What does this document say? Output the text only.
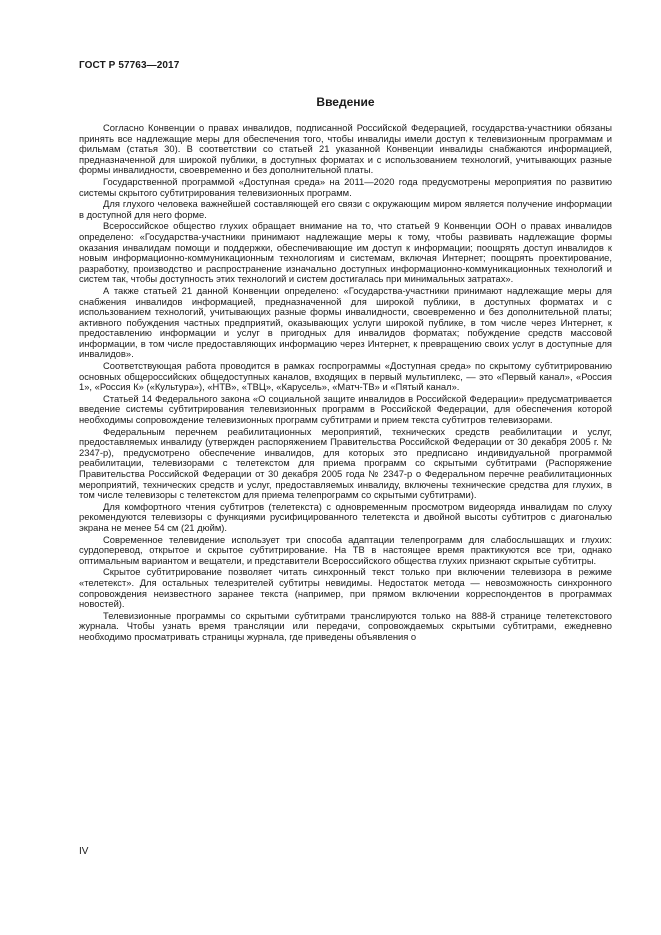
ГОСТ Р 57763—2017
Введение

Согласно Конвенции о правах инвалидов, подписанной Российской Федерацией, государства-участники обязаны принять все надлежащие меры для обеспечения того, чтобы инвалиды имели доступ к телевизионным программам и фильмам (статья 30). В соответствии со статьей 21 указанной Конвенции инвалиды снабжаются информацией, предназначенной для широкой публики, в доступных форматах и с использованием технологий, учитывающих разные формы инвалидности, своевременно и без дополнительной платы.

Государственной программой «Доступная среда» на 2011—2020 года предусмотрены мероприятия по развитию системы скрытого субтитрирования телевизионных программ.

Для глухого человека важнейшей составляющей его связи с окружающим миром является получение информации в доступной для него форме.

Всероссийское общество глухих обращает внимание на то, что статьей 9 Конвенции ООН о правах инвалидов определено: «Государства-участники принимают надлежащие меры к тому, чтобы развивать надлежащие формы оказания инвалидам помощи и поддержки, обеспечивающие им доступ к информации; поощрять доступ инвалидов к новым информационно-коммуникационным технологиям и системам, включая Интернет; поощрять проектирование, разработку, производство и распространение изначально доступных информационно-коммуникационных технологий и систем так, чтобы доступность этих технологий и систем достигалась при минимальных затратах».

А также статьей 21 данной Конвенции определено: «Государства-участники принимают надлежащие меры для снабжения инвалидов информацией, предназначенной для широкой публики, в доступных форматах и с использованием технологий, учитывающих разные формы инвалидности, своевременно и без дополнительной платы; активного побуждения частных предприятий, оказывающих услуги широкой публике, в том числе через Интернет, к предоставлению информации и услуг в пригодных для инвалидов форматах; побуждение средств массовой информации, в том числе предоставляющих информацию через Интернет, к превращению своих услуг в доступные для инвалидов».

Соответствующая работа проводится в рамках госпрограммы «Доступная среда» по скрытому субтитрированию основных общероссийских общедоступных каналов, входящих в первый мультиплекс, — это «Первый канал», «Россия 1», «Россия К» («Культура»), «НТВ», «ТВЦ», «Карусель», «Матч-ТВ» и «Пятый канал».

Статьей 14 Федерального закона «О социальной защите инвалидов в Российской Федерации» предусматривается введение системы субтитрирования телевизионных программ в Российской Федерации, для обеспечения которой необходимы сопровождение телевизионных программ субтитрами и прием текста субтитров телевизорами.

Федеральным перечнем реабилитационных мероприятий, технических средств реабилитации и услуг, предоставляемых инвалиду (утвержден распоряжением Правительства Российской Федерации от 30 декабря 2005 г. № 2347-р), предусмотрено обеспечение инвалидов, для которых это предписано индивидуальной программой реабилитации, телевизорами с телетекстом для приема программ со скрытыми субтитрами (Распоряжение Правительства Российской Федерации от 30 декабря 2005 года № 2347-р о Федеральном перечне реабилитационных мероприятий, технических средств и услуг, предоставляемых инвалиду, включены технические средства для глухих, в том числе телевизоры с телетекстом для приема телепрограмм со скрытыми субтитрами).

Для комфортного чтения субтитров (телетекста) с одновременным просмотром видеоряда инвалидам по слуху рекомендуются телевизоры с функциями русифицированного телетекста и двойной высоты субтитров с диагональю экрана не менее 54 см (21 дюйм).

Современное телевидение использует три способа адаптации телепрограмм для слабослышащих и глухих: сурдоперевод, открытое и скрытое субтитрирование. На ТВ в настоящее время практикуются все три, однако оптимальным вариантом и вещатели, и представители Всероссийского общества глухих признают скрытые субтитры.

Скрытое субтитрирование позволяет читать синхронный текст только при включении телевизора в режиме «телетекст». Для остальных телезрителей субтитры невидимы. Недостаток метода — невозможность синхронного сопровождения неизвестного заранее текста (например, при прямом включении корреспондентов в программах новостей).

Телевизионные программы со скрытыми субтитрами транслируются только на 888-й странице телетекстового журнала. Чтобы узнать время трансляции или передачи, сопровождаемых скрытыми субтитрами, ежедневно необходимо просматривать страницы журнала, где приведены объявления о

IV
